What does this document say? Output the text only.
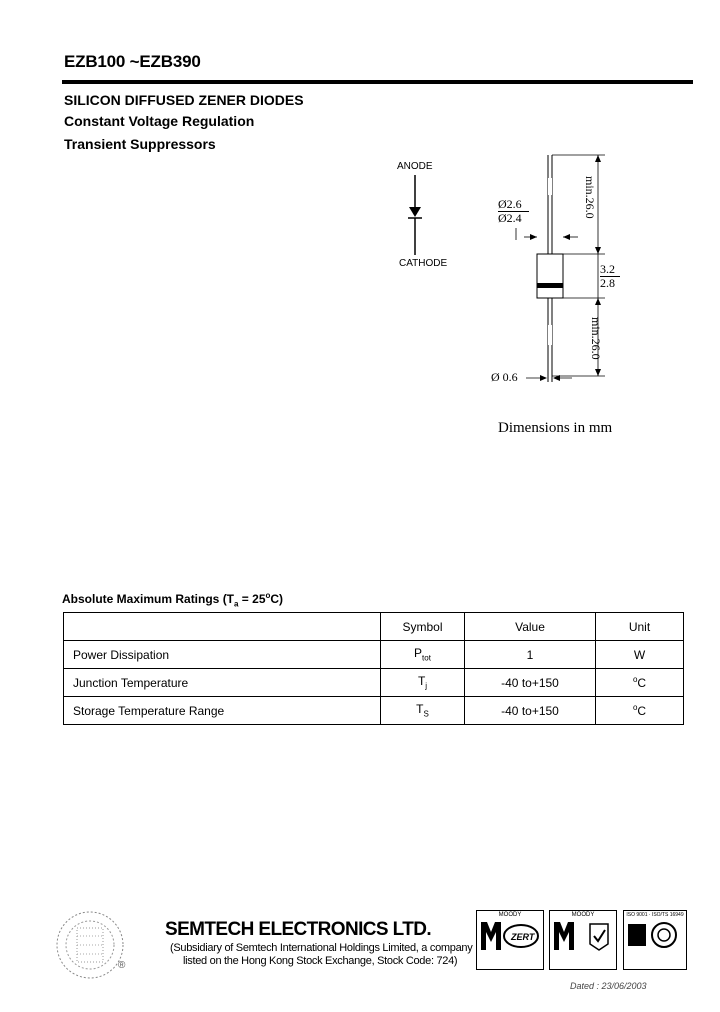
EZB100 ~EZB390
SILICON DIFFUSED ZENER DIODES
Constant Voltage Regulation
Transient Suppressors
ANODE
CATHODE
Ø2.6
Ø2.4
3.2
2.8
min.26.0
min.26.0
Ø 0.6
Dimensions in mm
Absolute Maximum Ratings $(T_a = 25^oC)$
	Symbol	Value	Unit
Power Dissipation	$P_{tot}$	1	W
Junction Temperature	$T_j$	-40 to+150	$^o$C
Storage Temperature Range	$T_S$	-40 to+150	$^o$C
®
SEMTECH ELECTRONICS LTD.
(Subsidiary of Semtech International Holdings Limited, a company
listed on the Hong Kong Stock Exchange, Stock Code: 724)
MOODY
ZERT
MOODY	ISO 9001 · ISO/TS 16949
Dated : 23/06/2003
